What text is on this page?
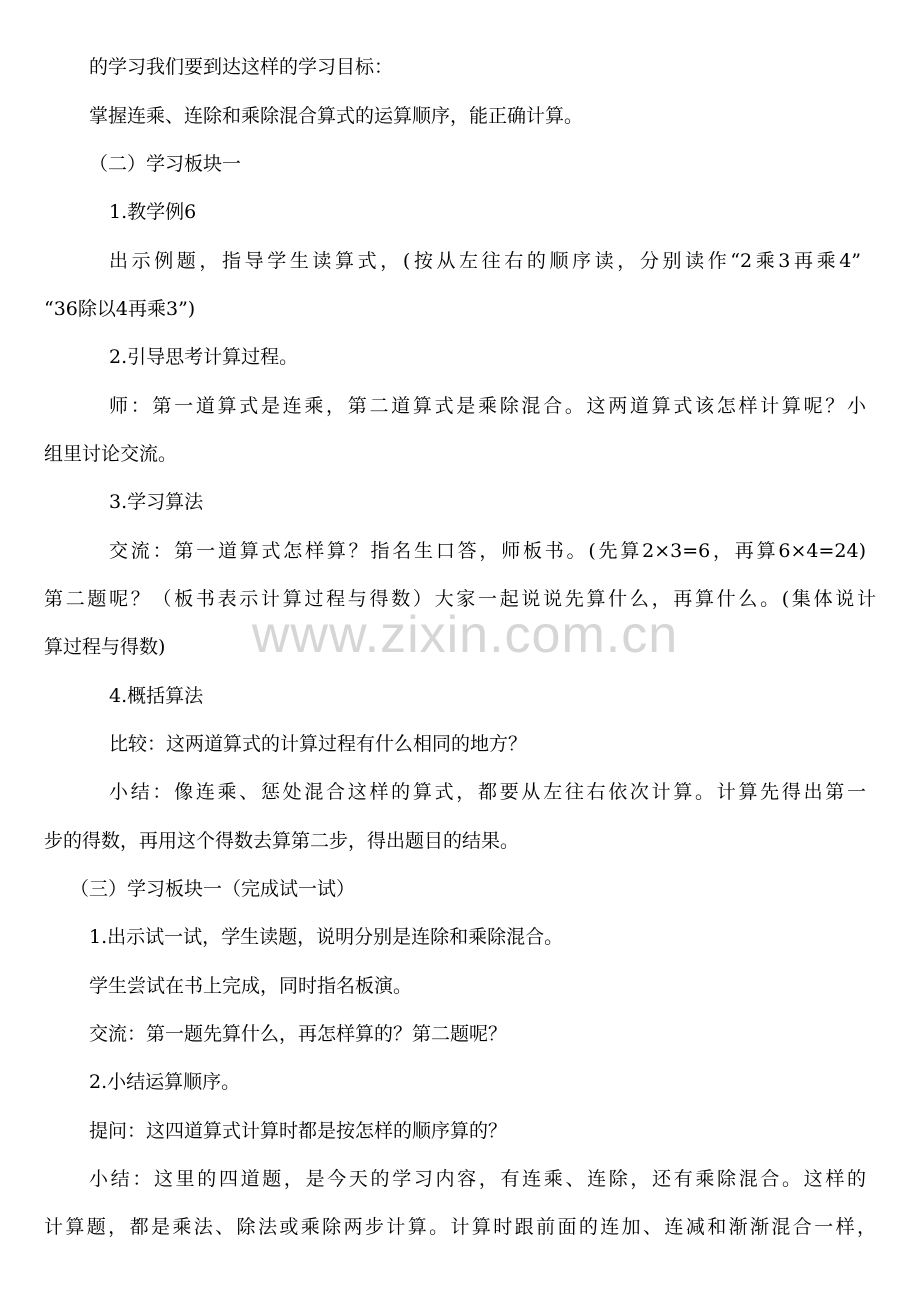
的学习我们要到达这样的学习目标：
掌握连乘、连除和乘除混合算式的运算顺序，能正确计算。
（二）学习板块一
1.教学例6
出示例题，指导学生读算式，(按从左往右的顺序读，分别读作“2乘3再乘4”
“36除以4再乘3”)
2.引导思考计算过程。
师：第一道算式是连乘，第二道算式是乘除混合。这两道算式该怎样计算呢？小
组里讨论交流。
3.学习算法
交流：第一道算式怎样算？指名生口答，师板书。(先算2×3=6，再算6×4=24)
第二题呢？（板书表示计算过程与得数）大家一起说说先算什么，再算什么。(集体说计
算过程与得数)
4.概括算法
比较：这两道算式的计算过程有什么相同的地方？
小结：像连乘、惩处混合这样的算式，都要从左往右依次计算。计算先得出第一
步的得数，再用这个得数去算第二步，得出题目的结果。
（三）学习板块一（完成试一试）
1.出示试一试，学生读题，说明分别是连除和乘除混合。
学生尝试在书上完成，同时指名板演。
交流：第一题先算什么，再怎样算的？第二题呢？
2.小结运算顺序。
提问：这四道算式计算时都是按怎样的顺序算的？
小结：这里的四道题，是今天的学习内容，有连乘、连除，还有乘除混合。这样的
计算题，都是乘法、除法或乘除两步计算。计算时跟前面的连加、连减和渐渐混合一样，
www.zixin.com.cn
